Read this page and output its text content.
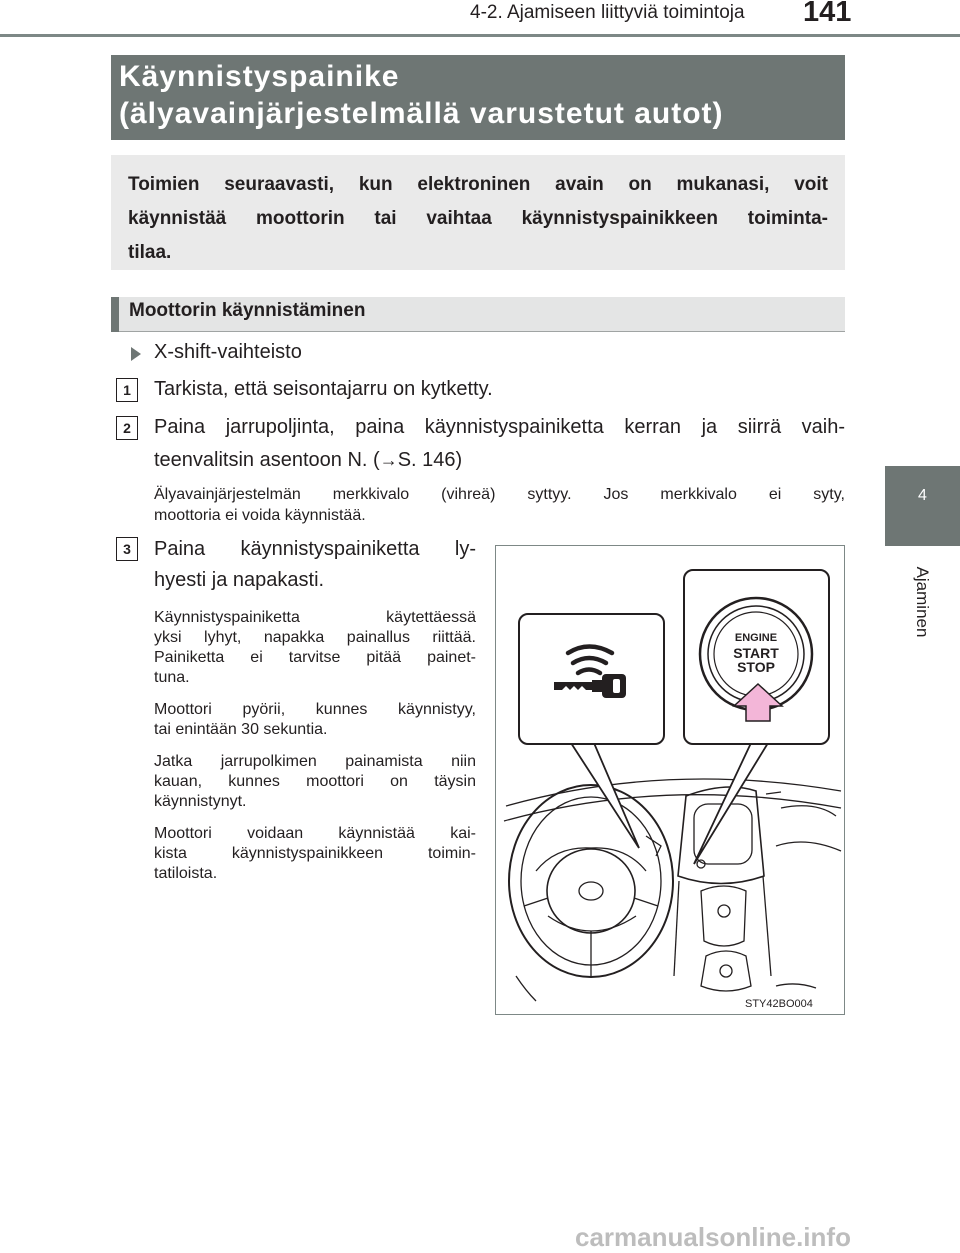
4-2. Ajamiseen liittyviä toimintoja 141
4
Ajaminen
Käynnistyspainike
(älyavainjärjestelmällä varustetut autot)
Toimien seuraavasti, kun elektroninen avain on mukanasi, voit
käynnistää moottorin tai vaihtaa käynnistyspainikkeen toiminta-
tilaa.
Moottorin käynnistäminen
X-shift-vaihteisto
1	Tarkista, että seisontajarru on kytketty.
2	Paina jarrupoljinta, paina käynnistyspainiketta kerran ja siirrä vaih-
teenvalitsin asentoon N. (→S. 146)
Älyavainjärjestelmän merkkivalo (vihreä) syttyy. Jos merkkivalo ei syty,
moottoria ei voida käynnistää.
3	Paina käynnistyspainiketta ly-
hyesti ja napakasti.
Käynnistyspainiketta käytettäessä
yksi lyhyt, napakka painallus riittää.
Painiketta ei tarvitse pitää painet-
tuna.
Moottori pyörii, kunnes käynnistyy,
tai enintään 30 sekuntia.
Jatka jarrupolkimen painamista niin
kauan, kunnes moottori on täysin
käynnistynyt.
Moottori voidaan käynnistää kai-
kista käynnistyspainikkeen toimin-
tatiloista.
ENGINE
START
STOP
STY42BO004
carmanualsonline.info
